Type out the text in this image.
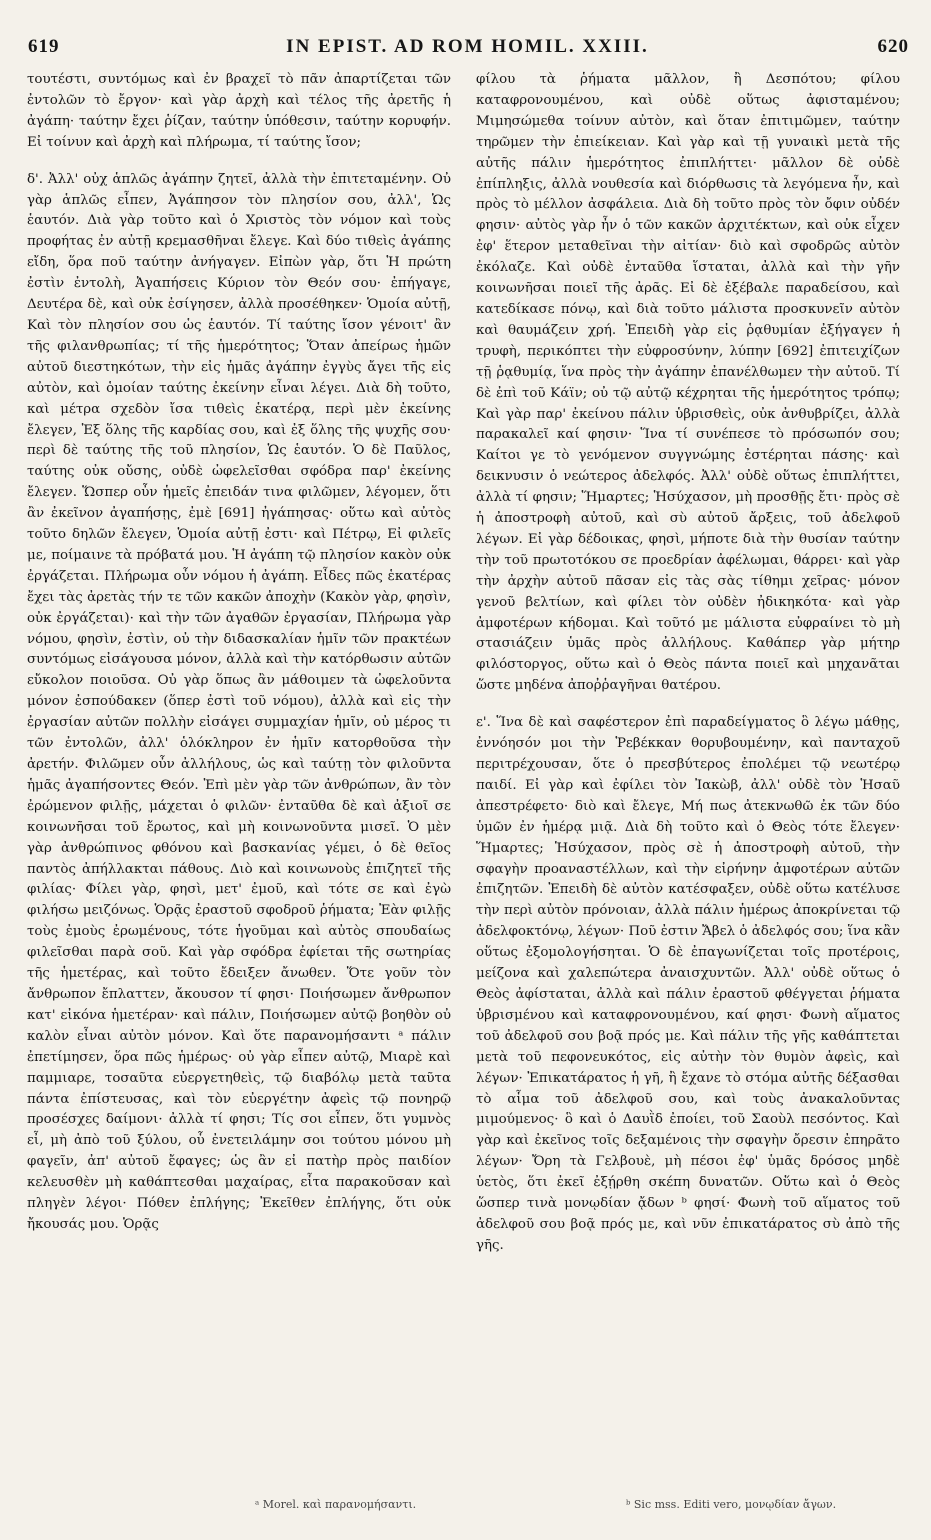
619	IN EPIST. AD ROM HOMIL. XXIII.	620

τουτέστι, συντόμως καὶ ἐν βραχεῖ τὸ πᾶν ἀπαρτίζεται τῶν ἐντολῶν τὸ ἔργον· καὶ γὰρ ἀρχὴ καὶ τέλος τῆς ἀρετῆς ἡ ἀγάπη· ταύτην ἔχει ῥίζαν, ταύτην ὑπόθεσιν, ταύτην κορυφήν. Εἰ τοίνυν καὶ ἀρχὴ καὶ πλήρωμα, τί ταύτης ἴσον;

δ'. Ἀλλ' οὐχ ἁπλῶς ἀγάπην ζητεῖ, ἀλλὰ τὴν ἐπιτεταμένην. Οὐ γὰρ ἁπλῶς εἶπεν, Ἀγάπησον τὸν πλησίον σου, ἀλλ', Ὡς ἑαυτόν. Διὰ γὰρ τοῦτο καὶ ὁ Χριστὸς τὸν νόμον καὶ τοὺς προφήτας ἐν αὐτῇ κρεμασθῆναι ἔλεγε. Καὶ δύο τιθεὶς ἀγάπης εἴδη, ὅρα ποῦ ταύτην ἀνήγαγεν. Εἰπὼν γὰρ, ὅτι Ἡ πρώτη ἐστὶν ἐντολὴ, Ἀγαπήσεις Κύριον τὸν Θεόν σου· ἐπήγαγε, Δευτέρα δὲ, καὶ οὐκ ἐσίγησεν, ἀλλὰ προσέθηκεν· Ὁμοία αὐτῇ, Καὶ τὸν πλησίον σου ὡς ἑαυτόν. Τί ταύτης ἴσον γένοιτ' ἂν τῆς φιλανθρωπίας; τί τῆς ἡμερότητος; Ὅταν ἀπείρως ἡμῶν αὐτοῦ διεστηκότων, τὴν εἰς ἡμᾶς ἀγάπην ἐγγὺς ἄγει τῆς εἰς αὐτὸν, καὶ ὁμοίαν ταύτης ἐκείνην εἶναι λέγει. Διὰ δὴ τοῦτο, καὶ μέτρα σχεδὸν ἴσα τιθεὶς ἑκατέρᾳ, περὶ μὲν ἐκείνης ἔλεγεν, Ἐξ ὅλης τῆς καρδίας σου, καὶ ἐξ ὅλης τῆς ψυχῆς σου· περὶ δὲ ταύτης τῆς τοῦ πλησίον, Ὡς ἑαυτόν. Ὁ δὲ Παῦλος, ταύτης οὐκ οὔσης, οὐδὲ ὠφελεῖσθαι σφόδρα παρ' ἐκείνης ἔλεγεν. Ὥσπερ οὖν ἡμεῖς ἐπειδάν τινα φιλῶμεν, λέγομεν, ὅτι ἂν ἐκεῖνον ἀγαπήσῃς, ἐμὲ [691] ἠγάπησας· οὕτω καὶ αὐτὸς τοῦτο δηλῶν ἔλεγεν, Ὁμοία αὐτῇ ἐστι· καὶ Πέτρῳ, Εἰ φιλεῖς με, ποίμαινε τὰ πρόβατά μου. Ἡ ἀγάπη τῷ πλησίον κακὸν οὐκ ἐργάζεται. Πλήρωμα οὖν νόμου ἡ ἀγάπη. Εἶδες πῶς ἑκατέρας ἔχει τὰς ἀρετὰς τήν τε τῶν κακῶν ἀποχὴν (Κακὸν γὰρ, φησὶν, οὐκ ἐργάζεται)· καὶ τὴν τῶν ἀγαθῶν ἐργασίαν, Πλήρωμα γὰρ νόμου, φησὶν, ἐστὶν, οὐ τὴν διδασκαλίαν ἡμῖν τῶν πρακτέων συντόμως εἰσάγουσα μόνον, ἀλλὰ καὶ τὴν κατόρθωσιν αὐτῶν εὔκολον ποιοῦσα. Οὐ γὰρ ὅπως ἂν μάθοιμεν τὰ ὠφελοῦντα μόνον ἐσπούδακεν (ὅπερ ἐστὶ τοῦ νόμου), ἀλλὰ καὶ εἰς τὴν ἐργασίαν αὐτῶν πολλὴν εἰσάγει συμμαχίαν ἡμῖν, οὐ μέρος τι τῶν ἐντολῶν, ἀλλ' ὁλόκληρον ἐν ἡμῖν κατορθοῦσα τὴν ἀρετήν. Φιλῶμεν οὖν ἀλλήλους, ὡς καὶ ταύτῃ τὸν φιλοῦντα ἡμᾶς ἀγαπήσοντες Θεόν. Ἐπὶ μὲν γὰρ τῶν ἀνθρώπων, ἂν τὸν ἐρώμενον φιλῇς, μάχεται ὁ φιλῶν· ἐνταῦθα δὲ καὶ ἀξιοῖ σε κοινωνῆσαι τοῦ ἔρωτος, καὶ μὴ κοινωνοῦντα μισεῖ. Ὁ μὲν γὰρ ἀνθρώπινος φθόνου καὶ βασκανίας γέμει, ὁ δὲ θεῖος παντὸς ἀπήλλακται πάθους. Διὸ καὶ κοινωνοὺς ἐπιζητεῖ τῆς φιλίας· Φίλει γὰρ, φησὶ, μετ' ἐμοῦ, καὶ τότε σε καὶ ἐγὼ φιλήσω μειζόνως. Ὁρᾷς ἐραστοῦ σφοδροῦ ῥήματα; Ἐὰν φιλῇς τοὺς ἐμοὺς ἐρωμένους, τότε ἡγοῦμαι καὶ αὐτὸς σπουδαίως φιλεῖσθαι παρὰ σοῦ. Καὶ γὰρ σφόδρα ἐφίεται τῆς σωτηρίας τῆς ἡμετέρας, καὶ τοῦτο ἔδειξεν ἄνωθεν. Ὅτε γοῦν τὸν ἄνθρωπον ἔπλαττεν, ἄκουσον τί φησι· Ποιήσωμεν ἄνθρωπον κατ' εἰκόνα ἡμετέραν· καὶ πάλιν, Ποιήσωμεν αὐτῷ βοηθὸν οὐ καλὸν εἶναι αὐτὸν μόνον. Καὶ ὅτε παρανομήσαντι ᵃ πάλιν ἐπετίμησεν, ὅρα πῶς ἡμέρως· οὐ γὰρ εἶπεν αὐτῷ, Μιαρὲ καὶ παμμιαρε, τοσαῦτα εὐεργετηθεὶς, τῷ διαβόλῳ μετὰ ταῦτα πάντα ἐπίστευσας, καὶ τὸν εὐεργέτην ἀφεὶς τῷ πονηρῷ προσέσχες δαίμονι· ἀλλὰ τί φησι; Τίς σοι εἶπεν, ὅτι γυμνὸς εἶ, μὴ ἀπὸ τοῦ ξύλου, οὗ ἐνετειλάμην σοι τούτου μόνου μὴ φαγεῖν, ἀπ' αὐτοῦ ἔφαγες; ὡς ἂν εἰ πατὴρ πρὸς παιδίον κελευσθὲν μὴ καθάπτεσθαι μαχαίρας, εἶτα παρακοῦσαν καὶ πληγὲν λέγοι· Πόθεν ἐπλήγης; Ἐκεῖθεν ἐπλήγης, ὅτι οὐκ ἤκουσάς μου. Ὁρᾷς

φίλου τὰ ῥήματα μᾶλλον, ἢ Δεσπότου; φίλου καταφρονουμένου, καὶ οὐδὲ οὕτως ἀφισταμένου; Μιμησώμεθα τοίνυν αὐτὸν, καὶ ὅταν ἐπιτιμῶμεν, ταύτην τηρῶμεν τὴν ἐπιείκειαν. Καὶ γὰρ καὶ τῇ γυναικὶ μετὰ τῆς αὐτῆς πάλιν ἡμερότητος ἐπιπλήττει· μᾶλλον δὲ οὐδὲ ἐπίπληξις, ἀλλὰ νουθεσία καὶ διόρθωσις τὰ λεγόμενα ἦν, καὶ πρὸς τὸ μέλλον ἀσφάλεια. Διὰ δὴ τοῦτο πρὸς τὸν ὄφιν οὐδέν φησιν· αὐτὸς γὰρ ἦν ὁ τῶν κακῶν ἀρχιτέκτων, καὶ οὐκ εἶχεν ἐφ' ἕτερον μεταθεῖναι τὴν αἰτίαν· διὸ καὶ σφοδρῶς αὐτὸν ἐκόλαζε. Καὶ οὐδὲ ἐνταῦθα ἵσταται, ἀλλὰ καὶ τὴν γῆν κοινωνῆσαι ποιεῖ τῆς ἀρᾶς. Εἰ δὲ ἐξέβαλε παραδείσου, καὶ κατεδίκασε πόνῳ, καὶ διὰ τοῦτο μάλιστα προσκυνεῖν αὐτὸν καὶ θαυμάζειν χρή. Ἐπειδὴ γὰρ εἰς ῥᾳθυμίαν ἐξήγαγεν ἡ τρυφὴ, περικόπτει τὴν εὐφροσύνην, λύπην [692] ἐπιτειχίζων τῇ ῥᾳθυμίᾳ, ἵνα πρὸς τὴν ἀγάπην ἐπανέλθωμεν τὴν αὐτοῦ. Τί δὲ ἐπὶ τοῦ Κάϊν; οὐ τῷ αὐτῷ κέχρηται τῆς ἡμερότητος τρόπῳ; Καὶ γὰρ παρ' ἐκείνου πάλιν ὑβρισθεὶς, οὐκ ἀνθυβρίζει, ἀλλὰ παρακαλεῖ καί φησιν· Ἵνα τί συνέπεσε τὸ πρόσωπόν σου; Καίτοι γε τὸ γενόμενον συγγνώμης ἐστέρηται πάσης· καὶ δεικνυσιν ὁ νεώτερος ἀδελφός. Ἀλλ' οὐδὲ οὕτως ἐπιπλήττει, ἀλλὰ τί φησιν; Ἥμαρτες; Ἡσύχασον, μὴ προσθῇς ἔτι· πρὸς σὲ ἡ ἀποστροφὴ αὐτοῦ, καὶ σὺ αὐτοῦ ἄρξεις, τοῦ ἀδελφοῦ λέγων. Εἰ γὰρ δέδοικας, φησὶ, μήποτε διὰ τὴν θυσίαν ταύτην τὴν τοῦ πρωτοτόκου σε προεδρίαν ἀφέλωμαι, θάρρει· καὶ γὰρ τὴν ἀρχὴν αὐτοῦ πᾶσαν εἰς τὰς σὰς τίθημι χεῖρας· μόνον γενοῦ βελτίων, καὶ φίλει τὸν οὐδὲν ἠδικηκότα· καὶ γὰρ ἀμφοτέρων κήδομαι. Καὶ τοῦτό με μάλιστα εὐφραίνει τὸ μὴ στασιάζειν ὑμᾶς πρὸς ἀλλήλους. Καθάπερ γὰρ μήτηρ φιλόστοργος, οὕτω καὶ ὁ Θεὸς πάντα ποιεῖ καὶ μηχανᾶται ὥστε μηδένα ἀποῤῥαγῆναι θατέρου.

ε'. Ἵνα δὲ καὶ σαφέστερον ἐπὶ παραδείγματος ὃ λέγω μάθῃς, ἐννόησόν μοι τὴν Ῥεβέκκαν θορυβουμένην, καὶ πανταχοῦ περιτρέχουσαν, ὅτε ὁ πρεσβύτερος ἐπολέμει τῷ νεωτέρῳ παιδί. Εἰ γὰρ καὶ ἐφίλει τὸν Ἰακὼβ, ἀλλ' οὐδὲ τὸν Ἡσαῦ ἀπεστρέφετο· διὸ καὶ ἔλεγε, Μή πως ἀτεκνωθῶ ἐκ τῶν δύο ὑμῶν ἐν ἡμέρᾳ μιᾷ. Διὰ δὴ τοῦτο καὶ ὁ Θεὸς τότε ἔλεγεν· Ἥμαρτες; Ἡσύχασον, πρὸς σὲ ἡ ἀποστροφὴ αὐτοῦ, τὴν σφαγὴν προαναστέλλων, καὶ τὴν εἰρήνην ἀμφοτέρων αὐτῶν ἐπιζητῶν. Ἐπειδὴ δὲ αὐτὸν κατέσφαξεν, οὐδὲ οὕτω κατέλυσε τὴν περὶ αὐτὸν πρόνοιαν, ἀλλὰ πάλιν ἡμέρως ἀποκρίνεται τῷ ἀδελφοκτόνῳ, λέγων· Ποῦ ἐστιν Ἄβελ ὁ ἀδελφός σου; ἵνα κἂν οὕτως ἐξομολογήσηται. Ὁ δὲ ἐπαγωνίζεται τοῖς προτέροις, μείζονα καὶ χαλεπώτερα ἀναισχυντῶν. Ἀλλ' οὐδὲ οὕτως ὁ Θεὸς ἀφίσταται, ἀλλὰ καὶ πάλιν ἐραστοῦ φθέγγεται ῥήματα ὑβρισμένου καὶ καταφρονουμένου, καί φησι· Φωνὴ αἵματος τοῦ ἀδελφοῦ σου βοᾷ πρός με. Καὶ πάλιν τῆς γῆς καθάπτεται μετὰ τοῦ πεφονευκότος, εἰς αὐτὴν τὸν θυμὸν ἀφεὶς, καὶ λέγων· Ἐπικατάρατος ἡ γῆ, ἢ ἔχανε τὸ στόμα αὐτῆς δέξασθαι τὸ αἷμα τοῦ ἀδελφοῦ σου, καὶ τοὺς ἀνακαλοῦντας μιμούμενος· ὃ καὶ ὁ Δαυῒδ ἐποίει, τοῦ Σαοὺλ πεσόντος. Καὶ γὰρ καὶ ἐκεῖνος τοῖς δεξαμένοις τὴν σφαγὴν ὄρεσιν ἐπηρᾶτο λέγων· Ὄρη τὰ Γελβουὲ, μὴ πέσοι ἐφ' ὑμᾶς δρόσος μηδὲ ὑετὸς, ὅτι ἐκεῖ ἐξῄρθη σκέπη δυνατῶν. Οὕτω καὶ ὁ Θεὸς ὥσπερ τινὰ μονῳδίαν ᾄδων ᵇ φησί· Φωνὴ τοῦ αἵματος τοῦ ἀδελφοῦ σου βοᾷ πρός με, καὶ νῦν ἐπικατάρατος σὺ ἀπὸ τῆς γῆς.

ᵃ Morel. καὶ παρανομήσαντι.	ᵇ Sic mss. Editi vero, μονῳδίαν ἄγων.
